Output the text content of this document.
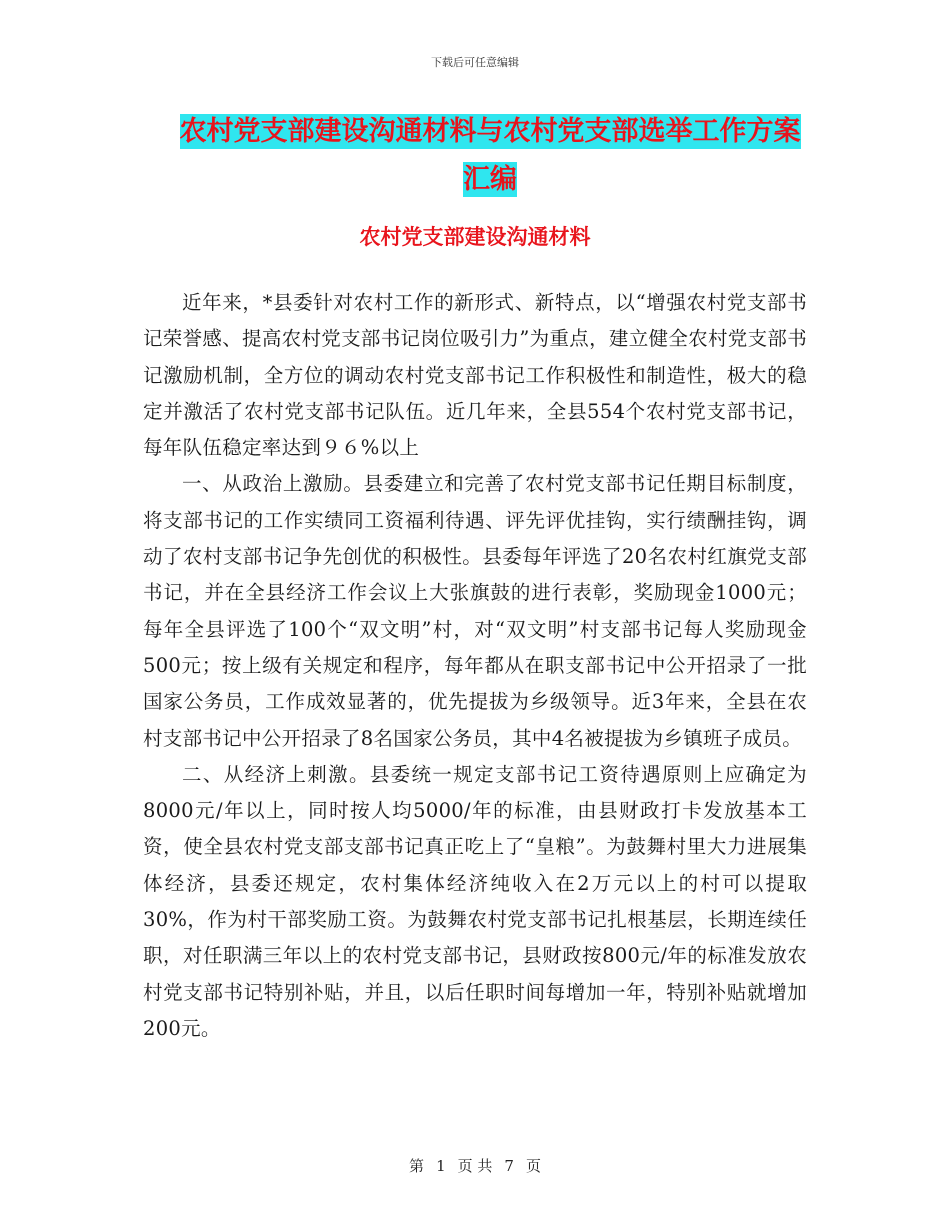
下载后可任意编辑
农村党支部建设沟通材料与农村党支部选举工作方案
汇编
农村党支部建设沟通材料

近年来，*县委针对农村工作的新形式、新特点，以“增强农村党支部书记荣誉感、提高农村党支部书记岗位吸引力”为重点，建立健全农村党支部书记激励机制，全方位的调动农村党支部书记工作积极性和制造性，极大的稳定并激活了农村党支部书记队伍。近几年来，全县554个农村党支部书记，每年队伍稳定率达到９６%以上

一、从政治上激励。县委建立和完善了农村党支部书记任期目标制度，将支部书记的工作实绩同工资福利待遇、评先评优挂钩，实行绩酬挂钩，调动了农村支部书记争先创优的积极性。县委每年评选了20名农村红旗党支部书记，并在全县经济工作会议上大张旗鼓的进行表彰，奖励现金1000元；每年全县评选了100个“双文明”村，对“双文明”村支部书记每人奖励现金500元；按上级有关规定和程序，每年都从在职支部书记中公开招录了一批国家公务员，工作成效显著的，优先提拔为乡级领导。近3年来，全县在农村支部书记中公开招录了8名国家公务员，其中4名被提拔为乡镇班子成员。

二、从经济上刺激。县委统一规定支部书记工资待遇原则上应确定为8000元/年以上，同时按人均5000/年的标准，由县财政打卡发放基本工资，使全县农村党支部支部书记真正吃上了“皇粮”。为鼓舞村里大力进展集体经济，县委还规定，农村集体经济纯收入在2万元以上的村可以提取30%，作为村干部奖励工资。为鼓舞农村党支部书记扎根基层，长期连续任职，对任职满三年以上的农村党支部书记，县财政按800元/年的标准发放农村党支部书记特别补贴，并且，以后任职时间每增加一年，特别补贴就增加200元。

第 1 页 共 7 页
